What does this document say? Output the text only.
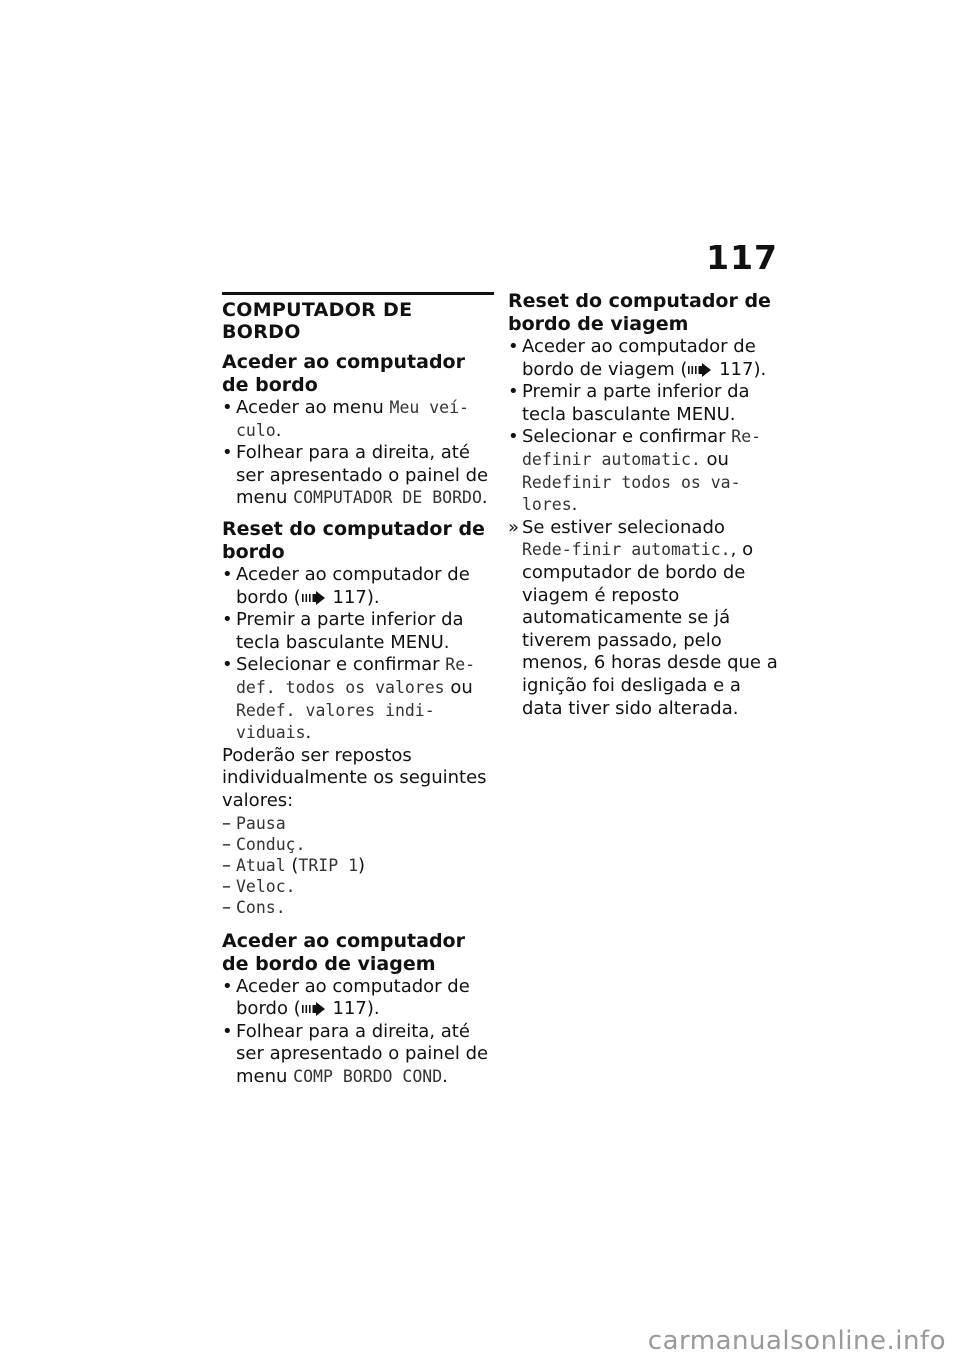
117
COMPUTADOR DE BORDO
Aceder ao computador de bordo
• Aceder ao menu Meu veí-culo.
• Folhear para a direita, até ser apresentado o painel de menu COMPUTADOR DE BORDO.
Reset do computador de bordo
• Aceder ao computador de bordo ( 117).
• Premir a parte inferior da tecla basculante MENU.
• Selecionar e confirmar Re-def. todos os valores ou Redef. valores indi-viduais.

Poderão ser repostos individualmente os seguintes valores:

– Pausa
– Conduç.
– Atual (TRIP 1)
– Veloc.
– Cons.
Aceder ao computador de bordo de viagem
• Aceder ao computador de bordo ( 117).
• Folhear para a direita, até ser apresentado o painel de menu COMP BORDO COND.
Reset do computador de bordo de viagem
• Aceder ao computador de bordo de viagem ( 117).
• Premir a parte inferior da tecla basculante MENU.
• Selecionar e confirmar Re-definir automatic. ou Redefinir todos os va-lores.
» Se estiver selecionado Rede-finir automatic., o computador de bordo de viagem é reposto automaticamente se já tiverem passado, pelo menos, 6 horas desde que a ignição foi desligada e a data tiver sido alterada.
carmanualsonline.info
